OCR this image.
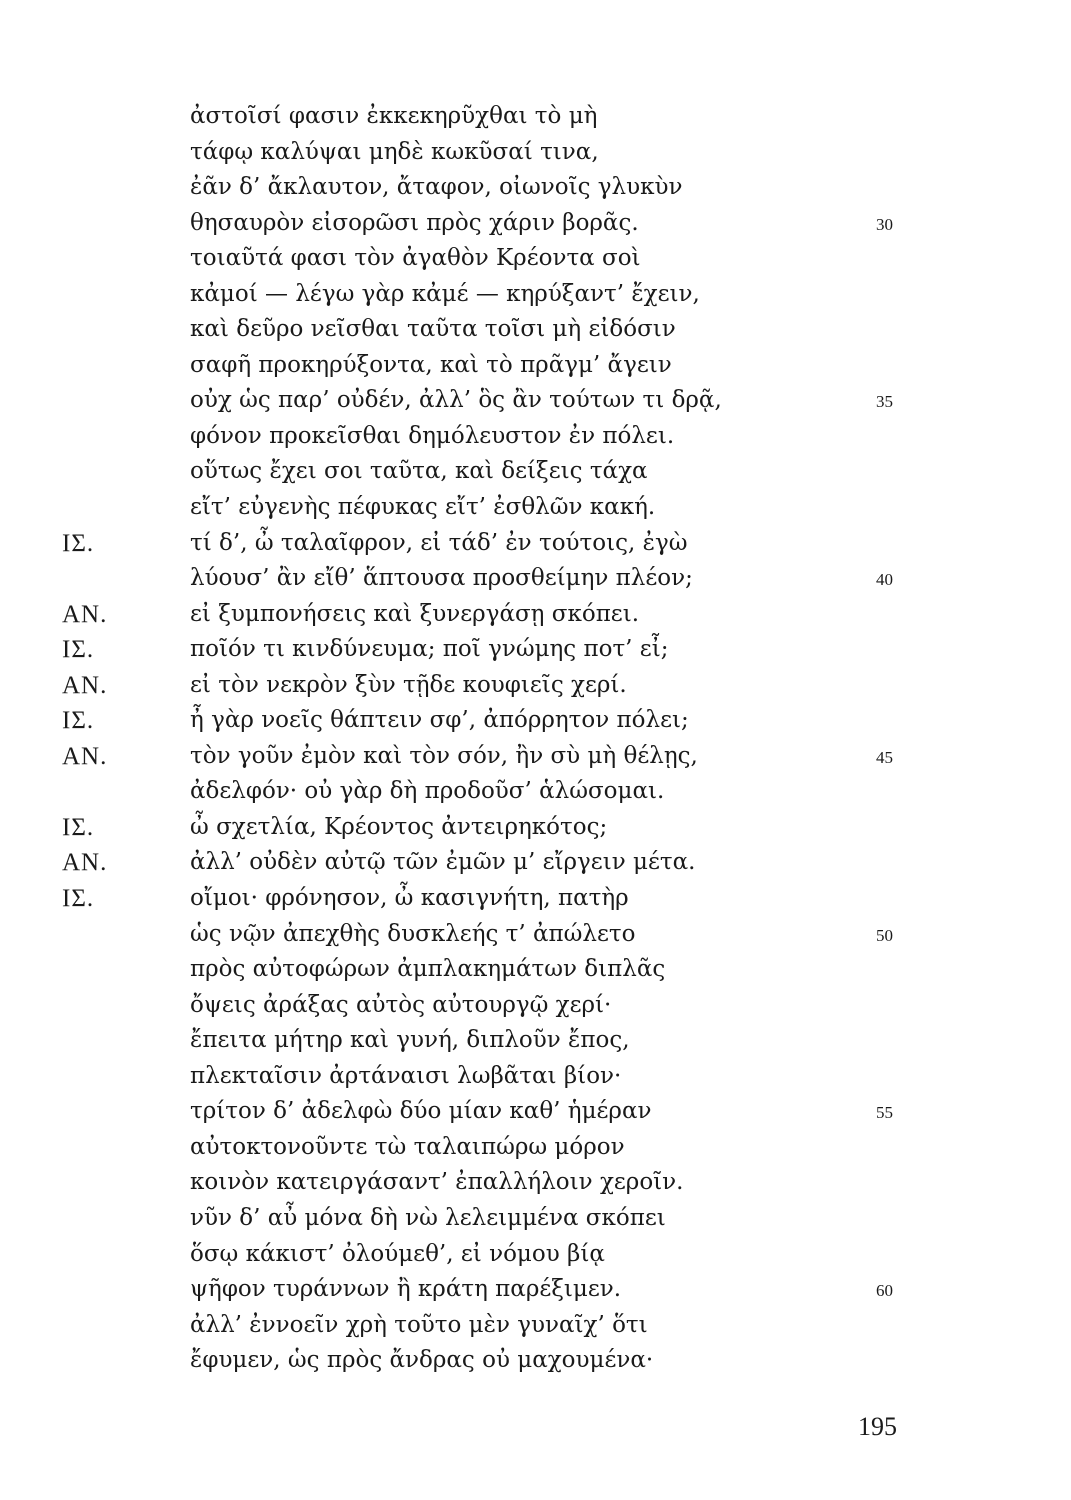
ἀστοῖσί φασιν ἐκκεκηρῦχθαι τὸ μὴ
τάφῳ καλύψαι μηδὲ κωκῦσαί τινα,
ἐᾶν δ’ ἄκλαυτον, ἄταφον, οἰωνοῖς γλυκὺν
θησαυρὸν εἰσορῶσι πρὸς χάριν βορᾶς.	30
τοιαῦτά φασι τὸν ἀγαθὸν Κρέοντα σοὶ
κἀμοί — λέγω γὰρ κἀμέ — κηρύξαντ’ ἔχειν,
καὶ δεῦρο νεῖσθαι ταῦτα τοῖσι μὴ εἰδόσιν
σαφῆ προκηρύξοντα, καὶ τὸ πρᾶγμ’ ἄγειν
οὐχ ὡς παρ’ οὐδέν, ἀλλ’ ὃς ἂν τούτων τι δρᾷ,	35
φόνον προκεῖσθαι δημόλευστον ἐν πόλει.
οὕτως ἔχει σοι ταῦτα, καὶ δείξεις τάχα
εἴτ’ εὐγενὴς πέφυκας εἴτ’ ἐσθλῶν κακή.
ΙΣ.	τί δ’, ὦ ταλαῖφρον, εἰ τάδ’ ἐν τούτοις, ἐγὼ
λύουσ’ ἂν εἴθ’ ἅπτουσα προσθείμην πλέον;	40
ΑΝ.	εἰ ξυμπονήσεις καὶ ξυνεργάσῃ σκόπει.
ΙΣ.	ποῖόν τι κινδύνευμα; ποῖ γνώμης ποτ’ εἶ;
ΑΝ.	εἰ τὸν νεκρὸν ξὺν τῇδε κουφιεῖς χερί.
ΙΣ.	ἦ γὰρ νοεῖς θάπτειν σφ’, ἀπόρρητον πόλει;
ΑΝ.	τὸν γοῦν ἐμὸν καὶ τὸν σόν, ἢν σὺ μὴ θέλῃς,	45
ἀδελφόν· οὐ γὰρ δὴ προδοῦσ’ ἁλώσομαι.
ΙΣ.	ὦ σχετλία, Κρέοντος ἀντειρηκότος;
ΑΝ.	ἀλλ’ οὐδὲν αὐτῷ τῶν ἐμῶν μ’ εἴργειν μέτα.
ΙΣ.	οἴμοι· φρόνησον, ὦ κασιγνήτη, πατὴρ
ὡς νῷν ἀπεχθὴς δυσκλεής τ’ ἀπώλετο	50
πρὸς αὐτοφώρων ἀμπλακημάτων διπλᾶς
ὄψεις ἀράξας αὐτὸς αὐτουργῷ χερί·
ἔπειτα μήτηρ καὶ γυνή, διπλοῦν ἔπος,
πλεκταῖσιν ἀρτάναισι λωβᾶται βίον·
τρίτον δ’ ἀδελφὼ δύο μίαν καθ’ ἡμέραν	55
αὐτοκτονοῦντε τὼ ταλαιπώρω μόρον
κοινὸν κατειργάσαντ’ ἐπαλλήλοιν χεροῖν.
νῦν δ’ αὖ μόνα δὴ νὼ λελειμμένα σκόπει
ὅσῳ κάκιστ’ ὀλούμεθ’, εἰ νόμου βίᾳ
ψῆφον τυράννων ἢ κράτη παρέξιμεν.	60
ἀλλ’ ἐννοεῖν χρὴ τοῦτο μὲν γυναῖχ’ ὅτι
ἔφυμεν, ὡς πρὸς ἄνδρας οὐ μαχουμένα·
195
